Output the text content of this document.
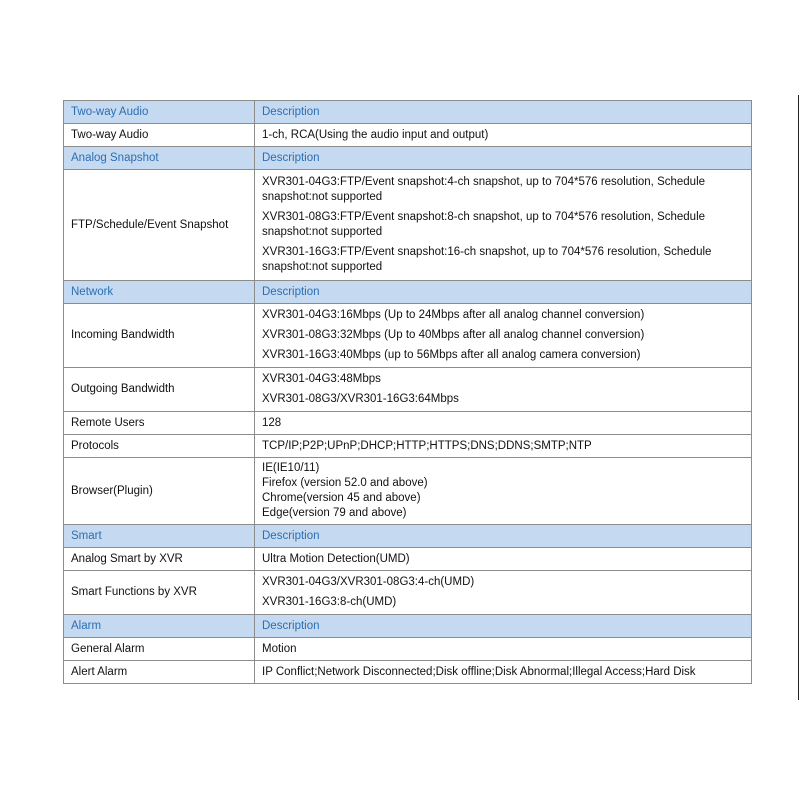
Two-way Audio	Description
Two-way Audio	1-ch, RCA(Using the audio input and output)
Analog Snapshot	Description
FTP/Schedule/Event Snapshot	XVR301-04G3:FTP/Event snapshot:4-ch snapshot, up to 704*576 resolution, Schedule snapshot:not supported
XVR301-08G3:FTP/Event snapshot:8-ch snapshot, up to 704*576 resolution, Schedule snapshot:not supported
XVR301-16G3:FTP/Event snapshot:16-ch snapshot, up to 704*576 resolution, Schedule snapshot:not supported

Network	Description
Incoming Bandwidth	XVR301-04G3:16Mbps (Up to 24Mbps after all analog channel conversion)
XVR301-08G3:32Mbps (Up to 40Mbps after all analog channel conversion)
XVR301-16G3:40Mbps (up to 56Mbps after all analog camera conversion)

Outgoing Bandwidth	XVR301-04G3:48Mbps
XVR301-08G3/XVR301-16G3:64Mbps

Remote Users	128
Protocols	TCP/IP;P2P;UPnP;DHCP;HTTP;HTTPS;DNS;DDNS;SMTP;NTP
Browser(Plugin)	IE(IE10/11)
Firefox (version 52.0 and above)
Chrome(version 45 and above)
Edge(version 79 and above)

Smart	Description
Analog Smart by XVR	Ultra Motion Detection(UMD)
Smart Functions by XVR	XVR301-04G3/XVR301-08G3:4-ch(UMD)
XVR301-16G3:8-ch(UMD)

Alarm	Description
General Alarm	Motion
Alert Alarm	IP Conflict;Network Disconnected;Disk offline;Disk Abnormal;Illegal Access;Hard Disk
